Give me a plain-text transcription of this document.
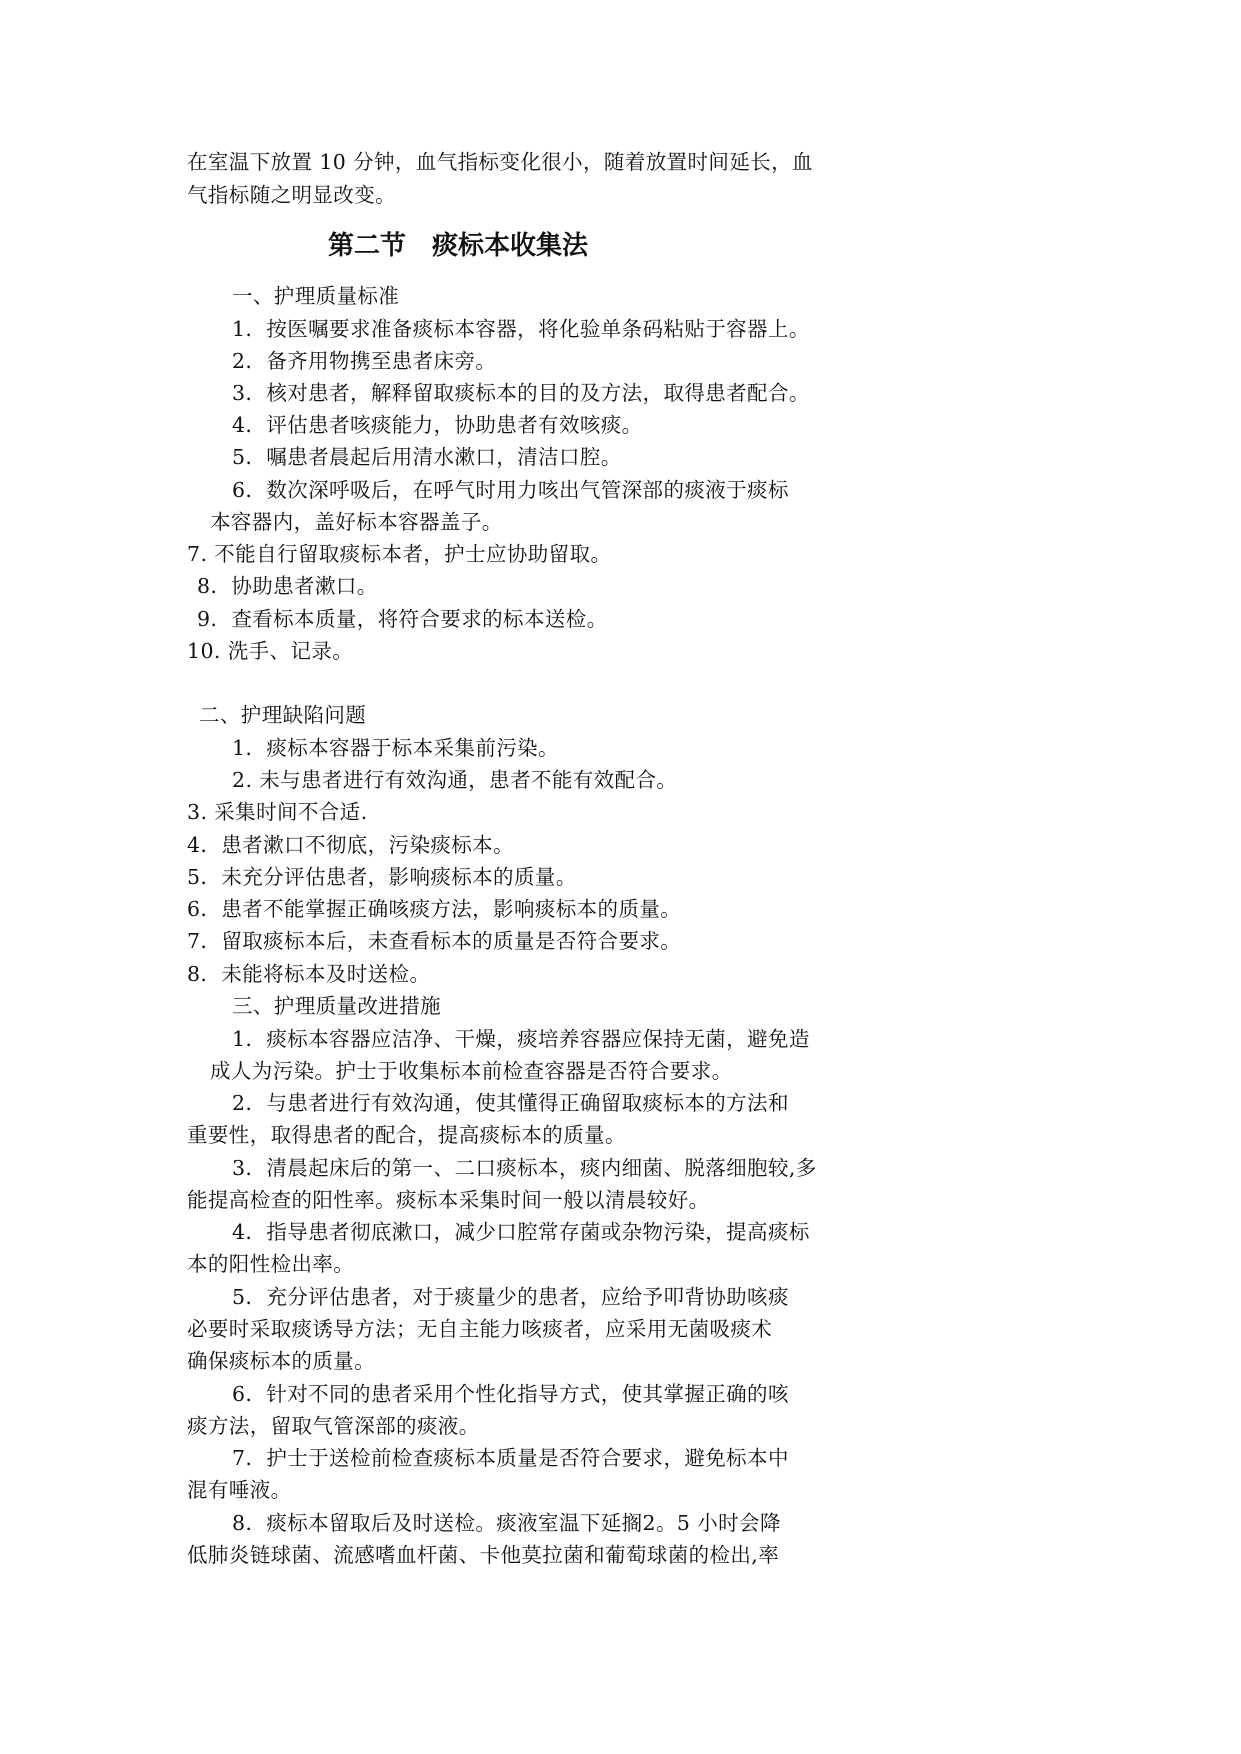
在室温下放置 10 分钟，血气指标变化很小，随着放置时间延长，血
气指标随之明显改变。
第二节　痰标本收集法
一、护理质量标准
1．按医嘱要求准备痰标本容器，将化验单条码粘贴于容器上。
2．备齐用物携至患者床旁。
3．核对患者，解释留取痰标本的目的及方法，取得患者配合。
4．评估患者咳痰能力，协助患者有效咳痰。
5．嘱患者晨起后用清水漱口，清洁口腔。
6．数次深呼吸后，在呼气时用力咳出气管深部的痰液于痰标
本容器内，盖好标本容器盖子。
7. 不能自行留取痰标本者，护士应协助留取。
8．协助患者漱口。
9．查看标本质量，将符合要求的标本送检。
10. 洗手、记录。
二、护理缺陷问题
1．痰标本容器于标本采集前污染。
2. 未与患者进行有效沟通，患者不能有效配合。
3. 采集时间不合适.
4．患者漱口不彻底，污染痰标本。
5．未充分评估患者，影响痰标本的质量。
6．患者不能掌握正确咳痰方法，影响痰标本的质量。
7．留取痰标本后，未查看标本的质量是否符合要求。
8．未能将标本及时送检。
三、护理质量改进措施
1．痰标本容器应洁净、干燥，痰培养容器应保持无菌，避免造
成人为污染。护士于收集标本前检查容器是否符合要求。
2．与患者进行有效沟通，使其懂得正确留取痰标本的方法和
重要性，取得患者的配合，提高痰标本的质量。
3．清晨起床后的第一、二口痰标本，痰内细菌、脱落细胞较,多
能提高检查的阳性率。痰标本采集时间一般以清晨较好。
4．指导患者彻底漱口，减少口腔常存菌或杂物污染，提高痰标
本的阳性检出率。
5．充分评估患者，对于痰量少的患者，应给予叩背协助咳痰
必要时采取痰诱导方法；无自主能力咳痰者，应采用无菌吸痰术
确保痰标本的质量。
6．针对不同的患者采用个性化指导方式，使其掌握正确的咳
痰方法，留取气管深部的痰液。
7．护士于送检前检查痰标本质量是否符合要求，避免标本中
混有唾液。
8．痰标本留取后及时送检。痰液室温下延搁2。5 小时会降
低肺炎链球菌、流感嗜血杆菌、卡他莫拉菌和葡萄球菌的检出,率
